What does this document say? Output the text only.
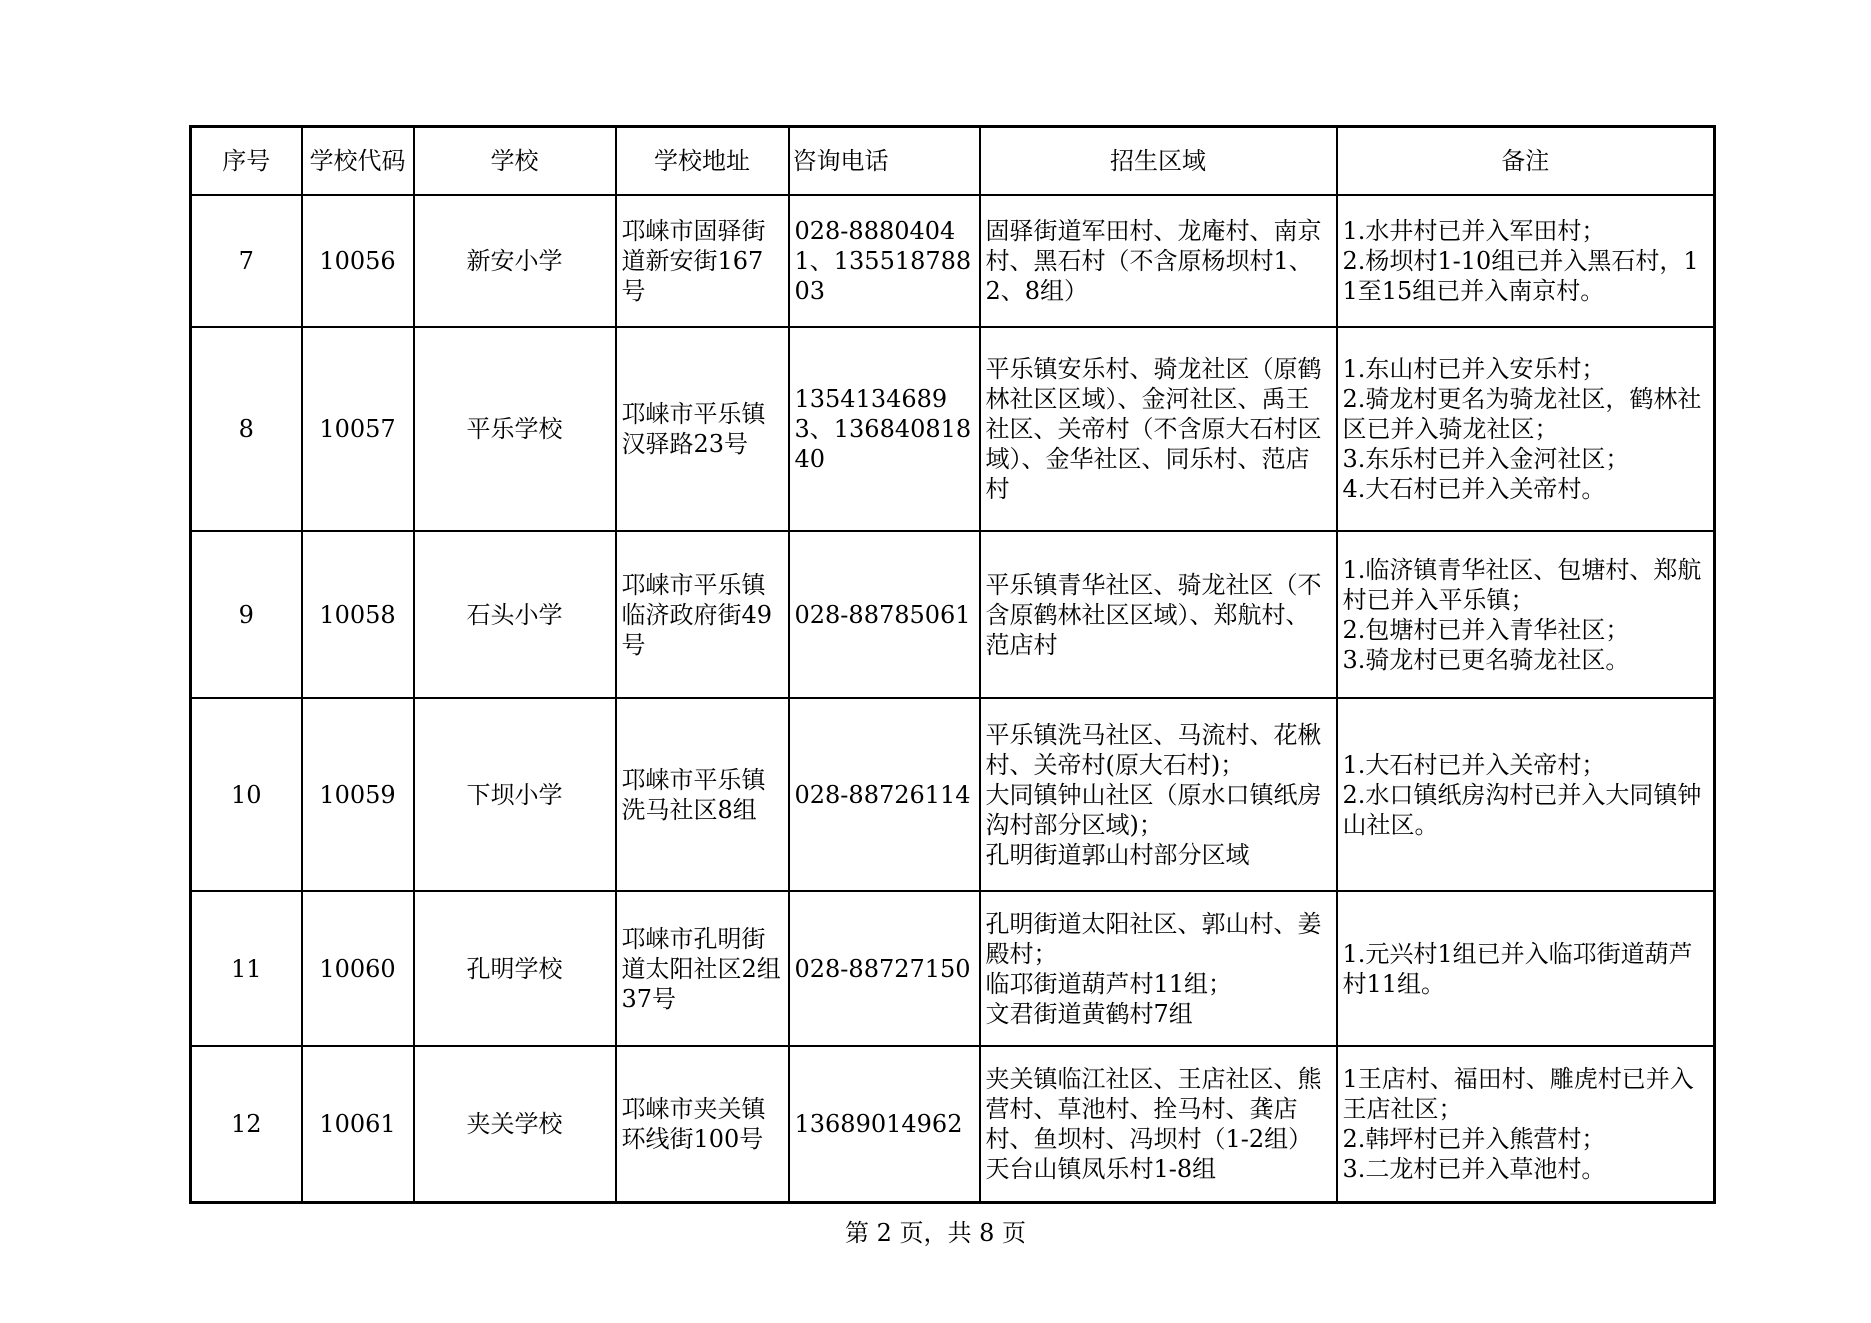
序号	学校代码	学校	学校地址	咨询电话	招生区域	备注
7	10056	新安小学	邛崃市固驿街道新安街167号	028-88804041、13551878803	固驿街道军田村、龙庵村、南京村、黑石村（不含原杨坝村1、2、8组）	1.水井村已并入军田村；
2.杨坝村1-10组已并入黑石村，11至15组已并入南京村。

8	10057	平乐学校	邛崃市平乐镇汉驿路23号	13541346893、13684081840	平乐镇安乐村、骑龙社区（原鹤林社区区域）、金河社区、禹王社区、关帝村（不含原大石村区域）、金华社区、同乐村、范店村	1.东山村已并入安乐村；
2.骑龙村更名为骑龙社区，鹤林社区已并入骑龙社区；
3.东乐村已并入金河社区；
4.大石村已并入关帝村。

9	10058	石头小学	邛崃市平乐镇临济政府街49号	028-88785061	平乐镇青华社区、骑龙社区（不含原鹤林社区区域）、郑航村、范店村	1.临济镇青华社区、包塘村、郑航村已并入平乐镇；
2.包塘村已并入青华社区；
3.骑龙村已更名骑龙社区。

10	10059	下坝小学	邛崃市平乐镇洗马社区8组	028-88726114	平乐镇洗马社区、马流村、花楸村、关帝村(原大石村)；
大同镇钟山社区（原水口镇纸房沟村部分区域)；
孔明街道郭山村部分区域	1.大石村已并入关帝村；
2.水口镇纸房沟村已并入大同镇钟山社区。

11	10060	孔明学校	邛崃市孔明街道太阳社区2组37号	028-88727150	孔明街道太阳社区、郭山村、姜殿村；
临邛街道葫芦村11组；
文君街道黄鹤村7组	1.元兴村1组已并入临邛街道葫芦村11组。

12	10061	夹关学校	邛崃市夹关镇环线街100号	13689014962	夹关镇临江社区、王店社区、熊营村、草池村、拴马村、龚店村、鱼坝村、冯坝村（1-2组）
天台山镇凤乐村1-8组	1王店村、福田村、雕虎村已并入王店社区；
2.韩坪村已并入熊营村；
3.二龙村已并入草池村。
第 2 页，共 8 页
